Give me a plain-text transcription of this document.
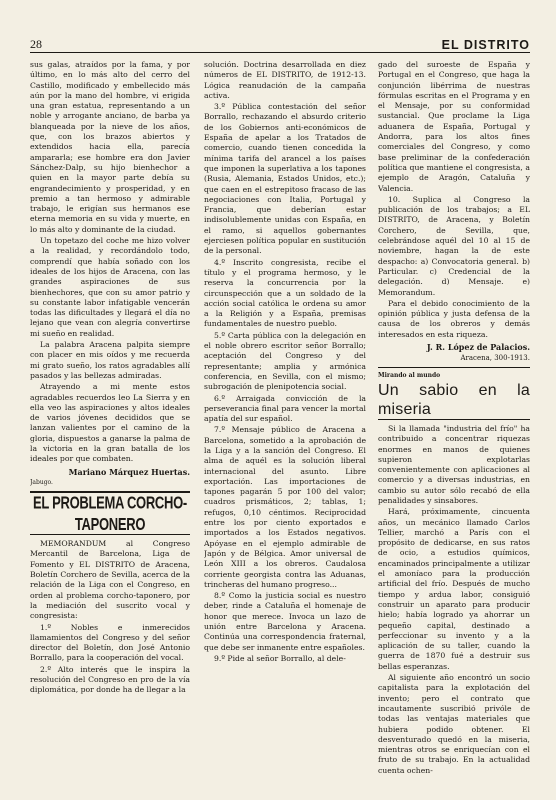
28	EL DISTRITO

sus galas, atraídos por la fama, y por último, en lo más alto del cerro del Castillo, modificado y embellecido más aún por la mano del hombre, vi erigida una gran estatua, representando a un noble y arrogante anciano, de barba ya blanqueada por la nieve de los años, que, con los brazos abiertos y extendidos hacia ella, parecía ampararla; ese hombre era don Javier Sánchez-Dalp, su hijo bienhechor a quien en la mayor parte debía su engrandecimiento y prosperidad, y en premio a tan hermoso y admirable trabajo, le erigían sus hermanos ese eterna memoria en su vida y muerte, en lo más alto y dominante de la ciudad.

Un topetazo del coche me hizo volver a la realidad, y recordándolo todo, comprendí que había soñado con los ideales de los hijos de Aracena, con las grandes aspiraciones de sus bienhechores, que con su amor patrio y su constante labor infatigable vencerán todas las dificultades y llegará el día no lejano que vean con alegría convertirse mi sueño en realidad.

La palabra Aracena palpita siempre con placer en mis oídos y me recuerda mi grato sueño, los ratos agradables allí pasados y las bellezas admiradas.

Atrayendo a mi mente estos agradables recuerdos leo La Sierra y en ella veo las aspiraciones y altos ideales de varios jóvenes decididos que se lanzan valientes por el camino de la gloria, dispuestos a ganarse la palma de la victoria en la gran batalla de los ideales por que combaten.

Mariano Márquez Huertas.
Jabugo.
EL PROBLEMA CORCHO-TAPONERO

MEMORANDUM al Congreso Mercantil de Barcelona, Liga de Fomento y EL DISTRITO de Aracena, Boletín Corchero de Sevilla, acerca de la relación de la Liga con el Congreso, en orden al problema corcho-taponero, por la mediación del suscrito vocal y congresista:

1.º Nobles e inmerecidos llamamientos del Congreso y del señor director del Boletín, don José Antonio Borrallo, para la cooperación del vocal.

2.º Alto interés que le inspira la resolución del Congreso en pro de la vía diplomática, por donde ha de llegar a la

solución. Doctrina desarrollada en diez números de EL DISTRITO, de 1912-13. Lógica reanudación de la campaña activa.

3.º Pública contestación del señor Borrallo, rechazando el absurdo criterio de los Gobiernos anti-económicos de España de apelar a los Tratados de comercio, cuando tienen concedida la mínima tarifa del arancel a los países que imponen la superlativa a los tapones (Rusia, Alemania, Estados Unidos, etc.); que caen en el estrepitoso fracaso de las negociaciones con Italia, Portugal y Francia, que deberían estar indisolublemente unidas con España, en el ramo, si aquellos gobernantes ejerciesen política popular en sustitución de la personal.

4.º Inscrito congresista, recibe el título y el programa hermoso, y le reserva la concurrencia por la circunspección que a un soldado de la acción social católica le ordena su amor a la Religión y a España, premisas fundamentales de nuestro pueblo.

5.º Carta pública con la delegación en el noble obrero escritor señor Borrallo; aceptación del Congreso y del representante; amplia y armónica conferencia, en Sevilla, con el mismo; subrogación de plenipotencia social.

6.º Arraigada convicción de la perseverancia final para vencer la mortal apatía del sur español.

7.º Mensaje público de Aracena a Barcelona, sometido a la aprobación de la Liga y a la sanción del Congreso. El alma de aquél es la solución liberal internacional del asunto. Libre exportación. Las importaciones de tapones pagarán 5 por 100 del valor; cuadros prismáticos, 2; tablas, 1; refugos, 0,10 céntimos. Reciprocidad entre los por ciento exportados e importados a los Estados negativos. Apóyase en el ejemplo admirable de Japón y de Bélgica. Amor universal de León XIII a los obreros. Caudalosa corriente georgista contra las Aduanas, trincheras del humano progreso...

8.º Como la justicia social es nuestro deber, rinde a Cataluña el homenaje de honor que merece. Invoca un lazo de unión entre Barcelona y Aracena. Continúa una correspondencia fraternal, que debe ser inmanente entre españoles.

9.º Pide al señor Borrallo, al dele-

gado del suroeste de España y Portugal en el Congreso, que haga la conjunción libérrima de nuestras fórmulas escritas en el Programa y en el Mensaje, por su conformidad sustancial. Que proclame la Liga aduanera de España, Portugal y Andorra, para los altos fines comerciales del Congreso, y como base preliminar de la confederación política que mantiene el congresista, a ejemplo de Aragón, Cataluña y Valencia.

10. Suplica al Congreso la publicación de los trabajos; a EL DISTRITO, de Aracena, y Boletín Corchero, de Sevilla, que, celebrándose aquél del 10 al 15 de noviembre, hagan la de este despacho: a) Convocatoria general. b) Particular. c) Credencial de la delegación. d) Mensaje. e) Memorandum.

Para el debido conocimiento de la opinión pública y justa defensa de la causa de los obreros y demás interesados en esta riqueza.

J. R. López de Palacios.
Aracena, 300-1913.
Mirando al mundo
Un sabio en la miseria

Si la llamada "industria del frío" ha contribuido a concentrar riquezas enormes en manos de quienes supieron explotarlas convenientemente con aplicaciones al comercio y a diversas industrias, en cambio su autor sólo recabó de ella penalidades y sinsabores.

Hará, próximamente, cincuenta años, un mecánico llamado Carlos Tellier, marchó a París con el propósito de dedicarse, en sus ratos de ocio, a estudios químicos, encaminados principalmente a utilizar el amoníaco para la producción artificial del frío. Después de mucho tiempo y ardua labor, consiguió construir un aparato para producir hielo; había logrado ya ahorrar un pequeño capital, destinado a perfeccionar su invento y a la aplicación de su taller, cuando la guerra de 1870 fué a destruir sus bellas esperanzas.

Al siguiente año encontró un socio capitalista para la explotación del invento; pero el contrato que incautamente suscribió privóle de todas las ventajas materiales que hubiera podido obtener. El desventurado quedó en la miseria, mientras otros se enriquecían con el fruto de su trabajo. En la actualidad cuenta ochen-
